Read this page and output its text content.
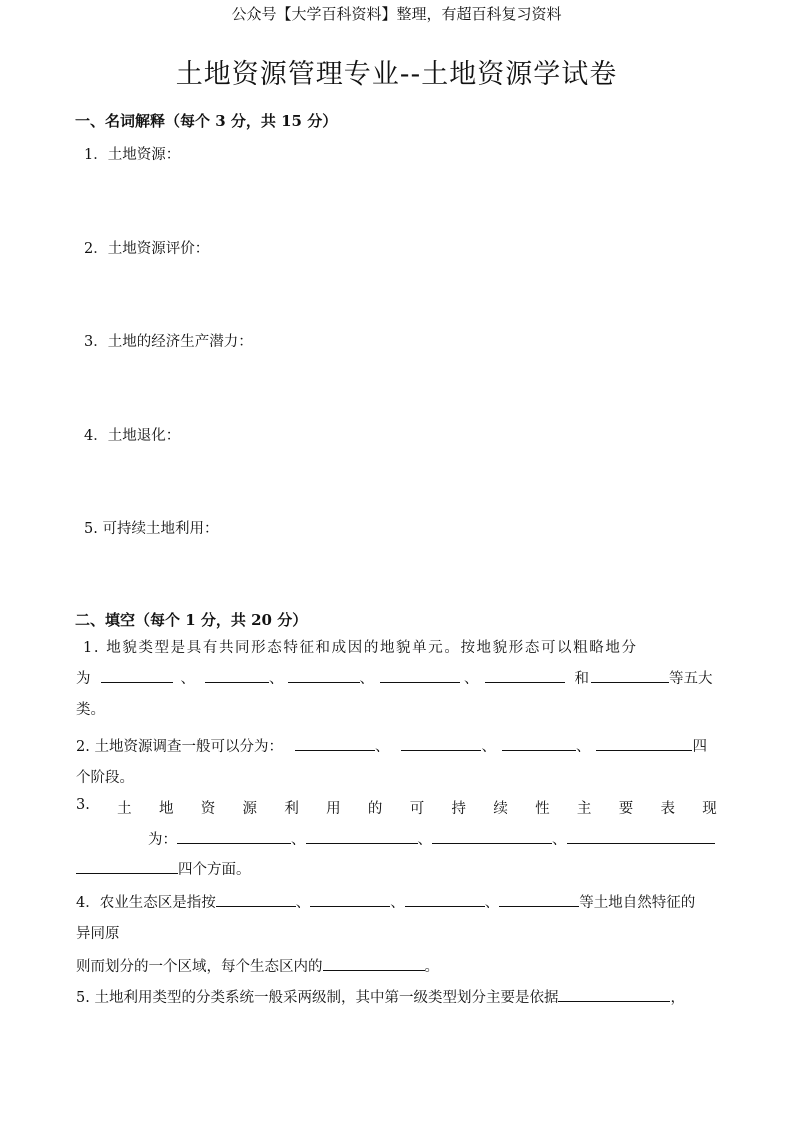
公众号【大学百科资料】整理，有超百科复习资料
土地资源管理专业--土地资源学试卷
一、名词解释（每个 3 分，共 15 分）
1．土地资源：
2．土地资源评价：
3．土地的经济生产潜力：
4．土地退化：
5. 可持续土地利用：
二、填空（每个 1 分，共 20 分）
1. 地貌类型是具有共同形态特征和成因的地貌单元。按地貌形态可以粗略地分
为	、	、	、	、	和	等五大
类。
2. 土地资源调查一般可以分为：	、	、	、	四
个阶段。
3. 土 地 资 源 利 用 的 可 持 续 性 主 要 表 现
为：	、	、	、
四个方面。
4．农业生态区是指按	、	、	、	等土地自然特征的
异同原
则而划分的一个区域，每个生态区内的	。
5. 土地利用类型的分类系统一般采两级制，其中第一级类型划分主要是依据	，
